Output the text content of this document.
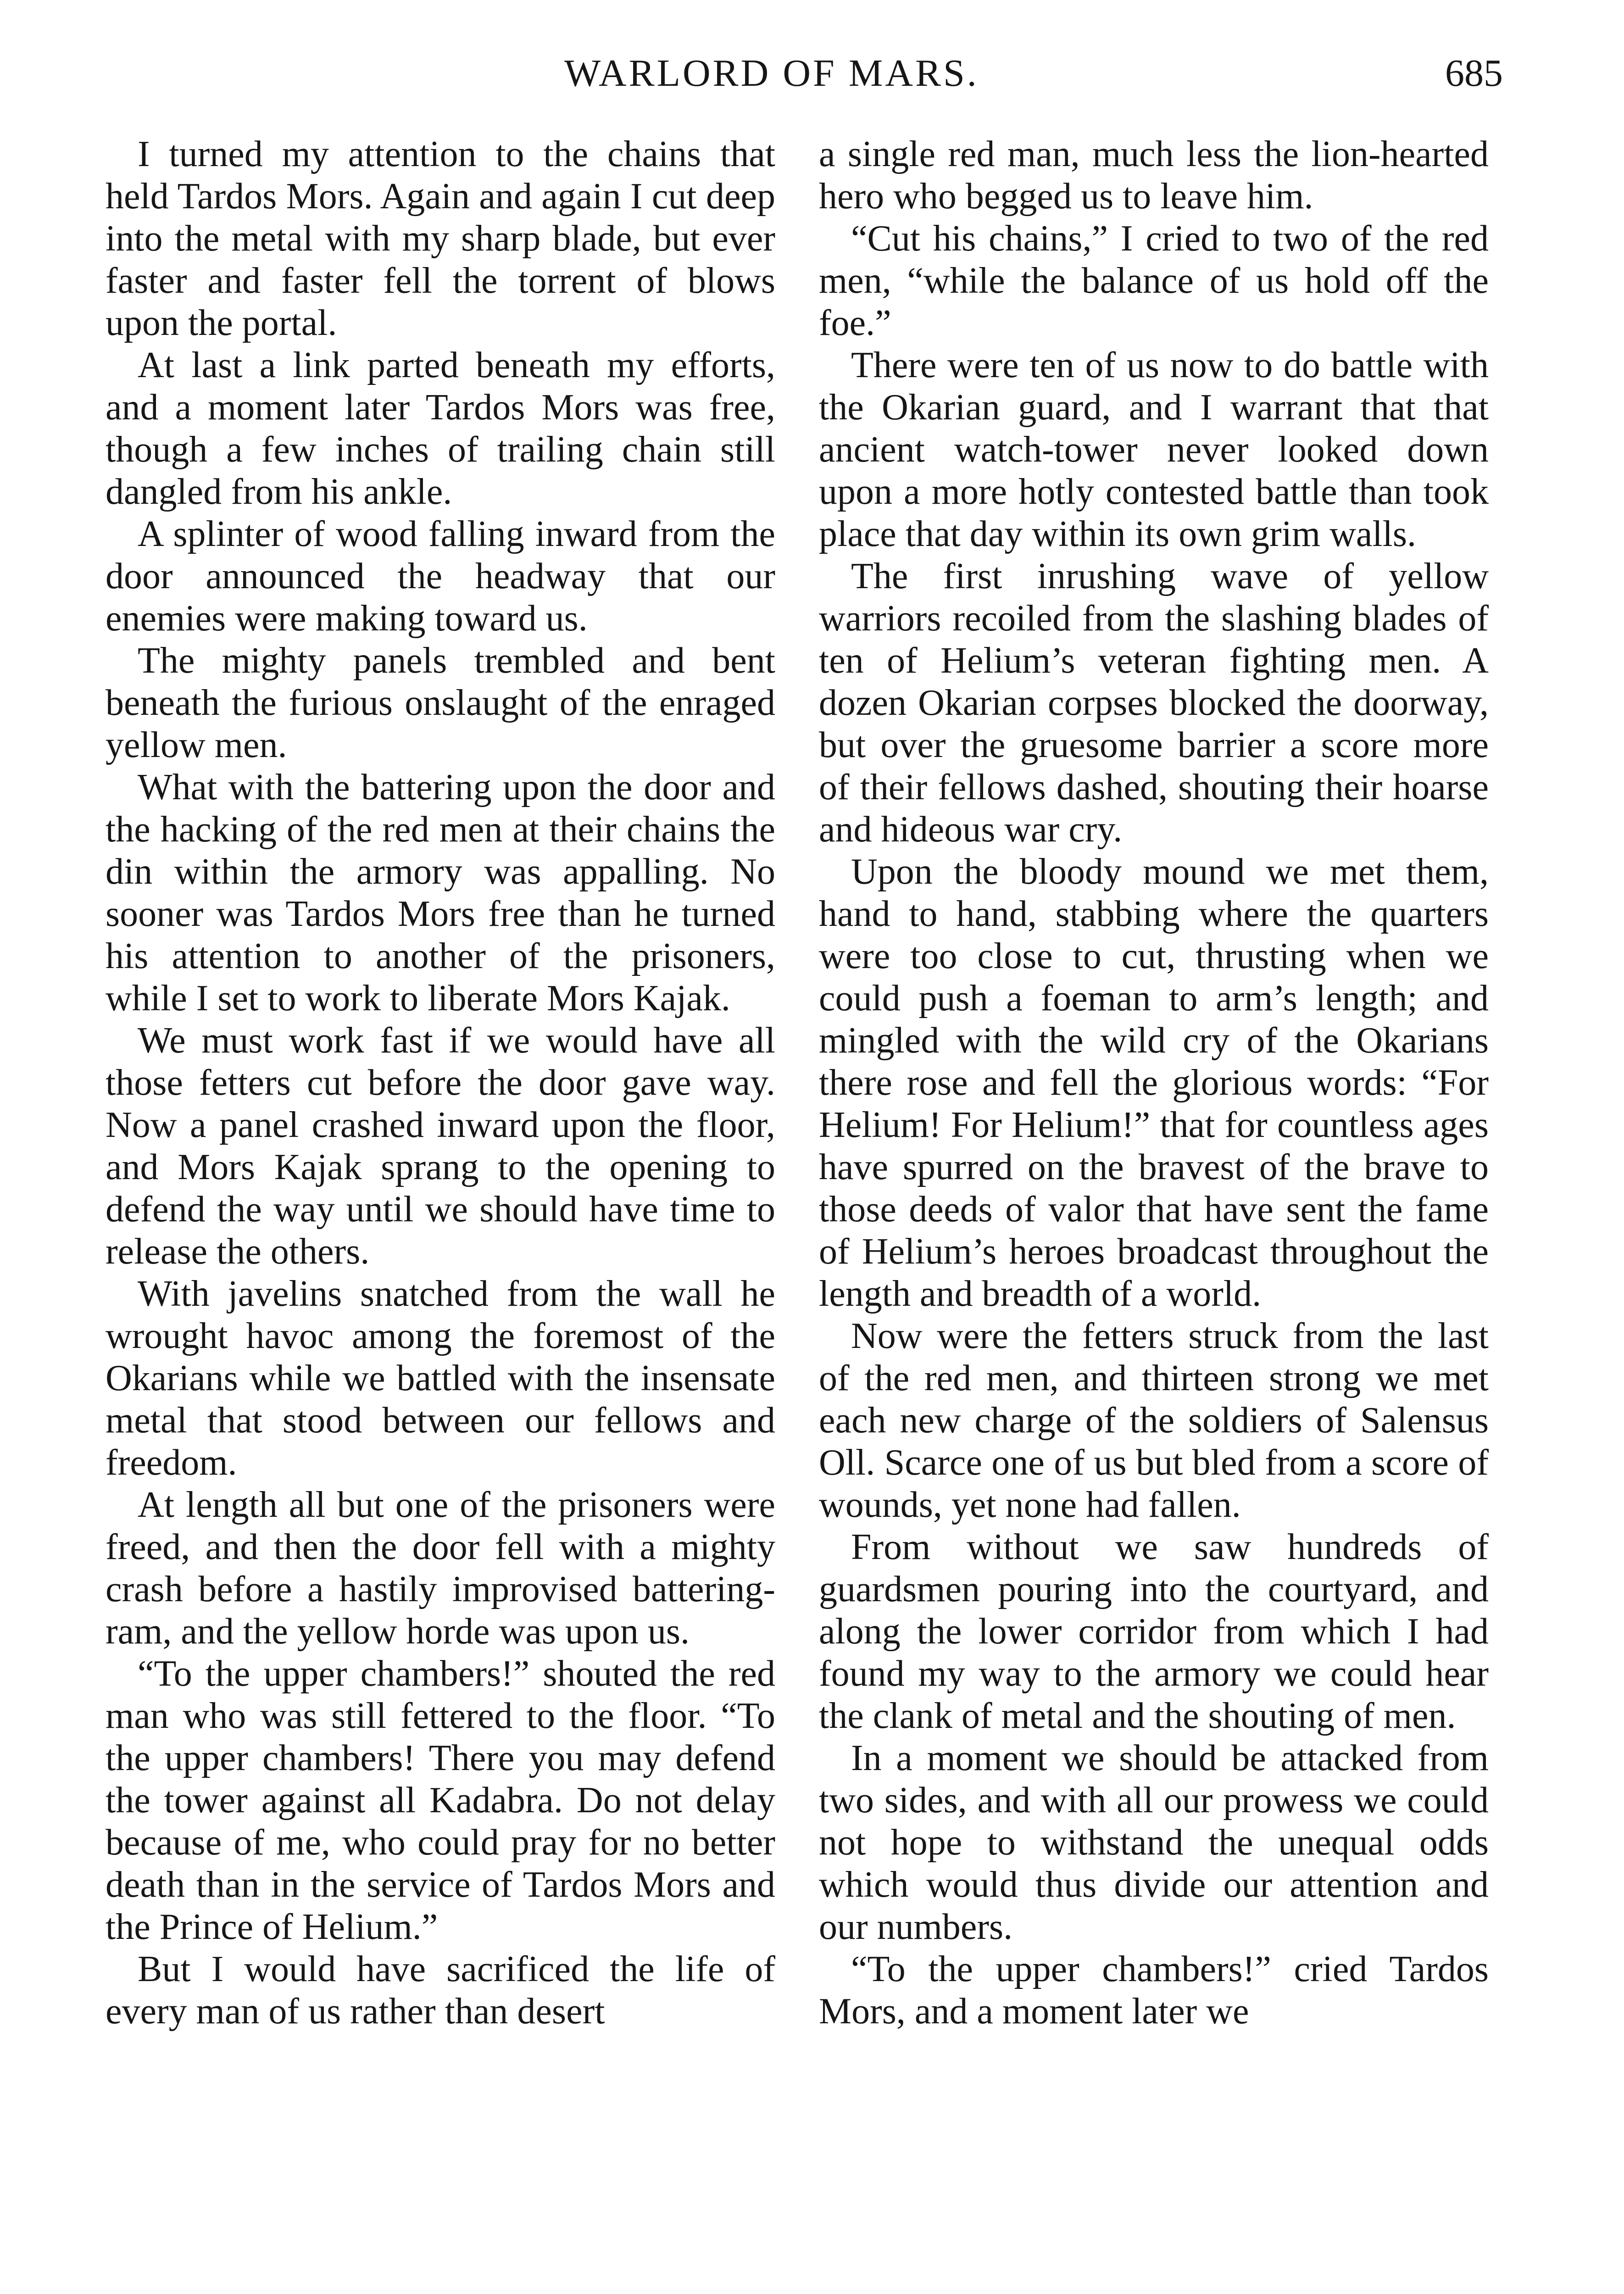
WARLORD OF MARS.	685

I turned my attention to the chains that held Tardos Mors. Again and again I cut deep into the metal with my sharp blade, but ever faster and faster fell the torrent of blows upon the portal.

At last a link parted beneath my efforts, and a moment later Tardos Mors was free, though a few inches of trailing chain still dangled from his ankle.

A splinter of wood falling inward from the door announced the headway that our enemies were making toward us.

The mighty panels trembled and bent beneath the furious onslaught of the enraged yellow men.

What with the battering upon the door and the hacking of the red men at their chains the din within the armory was appalling. No sooner was Tardos Mors free than he turned his attention to another of the prisoners, while I set to work to liberate Mors Kajak.

We must work fast if we would have all those fetters cut before the door gave way. Now a panel crashed inward upon the floor, and Mors Kajak sprang to the opening to defend the way until we should have time to release the others.

With javelins snatched from the wall he wrought havoc among the foremost of the Okarians while we battled with the insensate metal that stood between our fellows and freedom.

At length all but one of the prisoners were freed, and then the door fell with a mighty crash before a hastily improvised battering-ram, and the yellow horde was upon us.

“To the upper chambers!” shouted the red man who was still fettered to the floor. “To the upper chambers! There you may defend the tower against all Kadabra. Do not delay because of me, who could pray for no better death than in the service of Tardos Mors and the Prince of Helium.”

But I would have sacrificed the life of every man of us rather than desert

a single red man, much less the lion-hearted hero who begged us to leave him.

“Cut his chains,” I cried to two of the red men, “while the balance of us hold off the foe.”

There were ten of us now to do battle with the Okarian guard, and I warrant that that ancient watch-tower never looked down upon a more hotly contested battle than took place that day within its own grim walls.

The first inrushing wave of yellow warriors recoiled from the slashing blades of ten of Helium’s veteran fighting men. A dozen Okarian corpses blocked the doorway, but over the gruesome barrier a score more of their fellows dashed, shouting their hoarse and hideous war cry.

Upon the bloody mound we met them, hand to hand, stabbing where the quarters were too close to cut, thrusting when we could push a foeman to arm’s length; and mingled with the wild cry of the Okarians there rose and fell the glorious words: “For Helium! For Helium!” that for countless ages have spurred on the bravest of the brave to those deeds of valor that have sent the fame of Helium’s heroes broadcast throughout the length and breadth of a world.

Now were the fetters struck from the last of the red men, and thirteen strong we met each new charge of the soldiers of Salensus Oll. Scarce one of us but bled from a score of wounds, yet none had fallen.

From without we saw hundreds of guardsmen pouring into the courtyard, and along the lower corridor from which I had found my way to the armory we could hear the clank of metal and the shouting of men.

In a moment we should be attacked from two sides, and with all our prowess we could not hope to withstand the unequal odds which would thus divide our attention and our numbers.

“To the upper chambers!” cried Tardos Mors, and a moment later we
